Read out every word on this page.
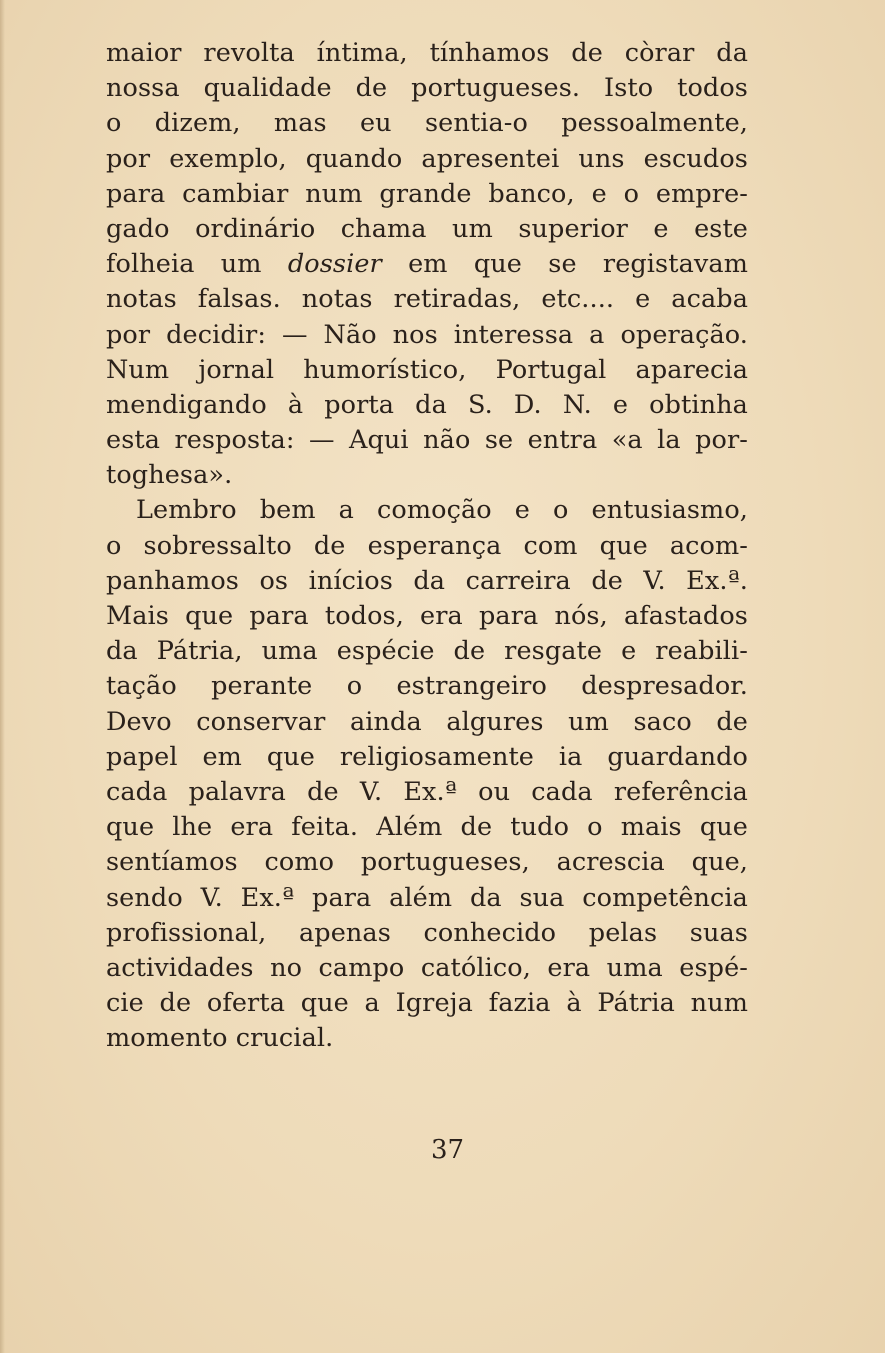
maior revolta íntima, tínhamos de còrar da
nossa qualidade de portugueses. Isto todos
o dizem, mas eu sentia-o pessoalmente,
por exemplo, quando apresentei uns escudos
para cambiar num grande banco, e o empre-
gado ordinário chama um superior e este
folheia um dossier em que se registavam
notas falsas. notas retiradas, etc.... e acaba
por decidir: — Não nos interessa a operação.
Num jornal humorístico, Portugal aparecia
mendigando à porta da S. D. N. e obtinha
esta resposta: — Aqui não se entra «a la por-
toghesa».
Lembro bem a comoção e o entusiasmo,
o sobressalto de esperança com que acom-
panhamos os inícios da carreira de V. Ex.ª.
Mais que para todos, era para nós, afastados
da Pátria, uma espécie de resgate e reabili-
tação perante o estrangeiro despresador.
Devo conservar ainda algures um saco de
papel em que religiosamente ia guardando
cada palavra de V. Ex.ª ou cada referência
que lhe era feita. Além de tudo o mais que
sentíamos como portugueses, acrescia que,
sendo V. Ex.ª para além da sua competência
profissional, apenas conhecido pelas suas
actividades no campo católico, era uma espé-
cie de oferta que a Igreja fazia à Pátria num
momento crucial.
37
